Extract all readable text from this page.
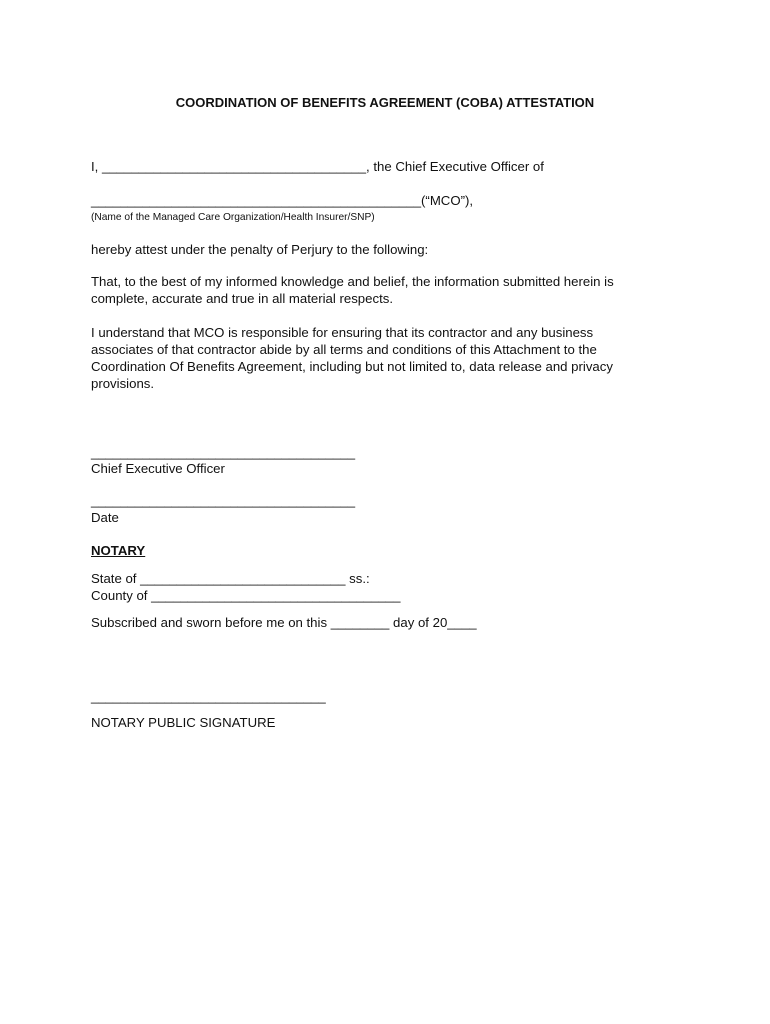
COORDINATION OF BENEFITS AGREEMENT (COBA) ATTESTATION
I, ____________________________________, the Chief Executive Officer of
_____________________________________________(“MCO”),
(Name of the Managed Care Organization/Health Insurer/SNP)
hereby attest under the penalty of Perjury to the following:
That, to the best of my informed knowledge and belief, the information submitted herein is
complete, accurate and true in all material respects.
I understand that MCO is responsible for ensuring that its contractor and any business
associates of that contractor abide by all terms and conditions of this Attachment to the
Coordination Of Benefits Agreement, including but not limited to, data release and privacy
provisions.
____________________________________
Chief Executive Officer
____________________________________
Date
NOTARY
State of ____________________________ ss.:
County of __________________________________
Subscribed and sworn before me on this ________ day of 20____
________________________________
NOTARY PUBLIC SIGNATURE
